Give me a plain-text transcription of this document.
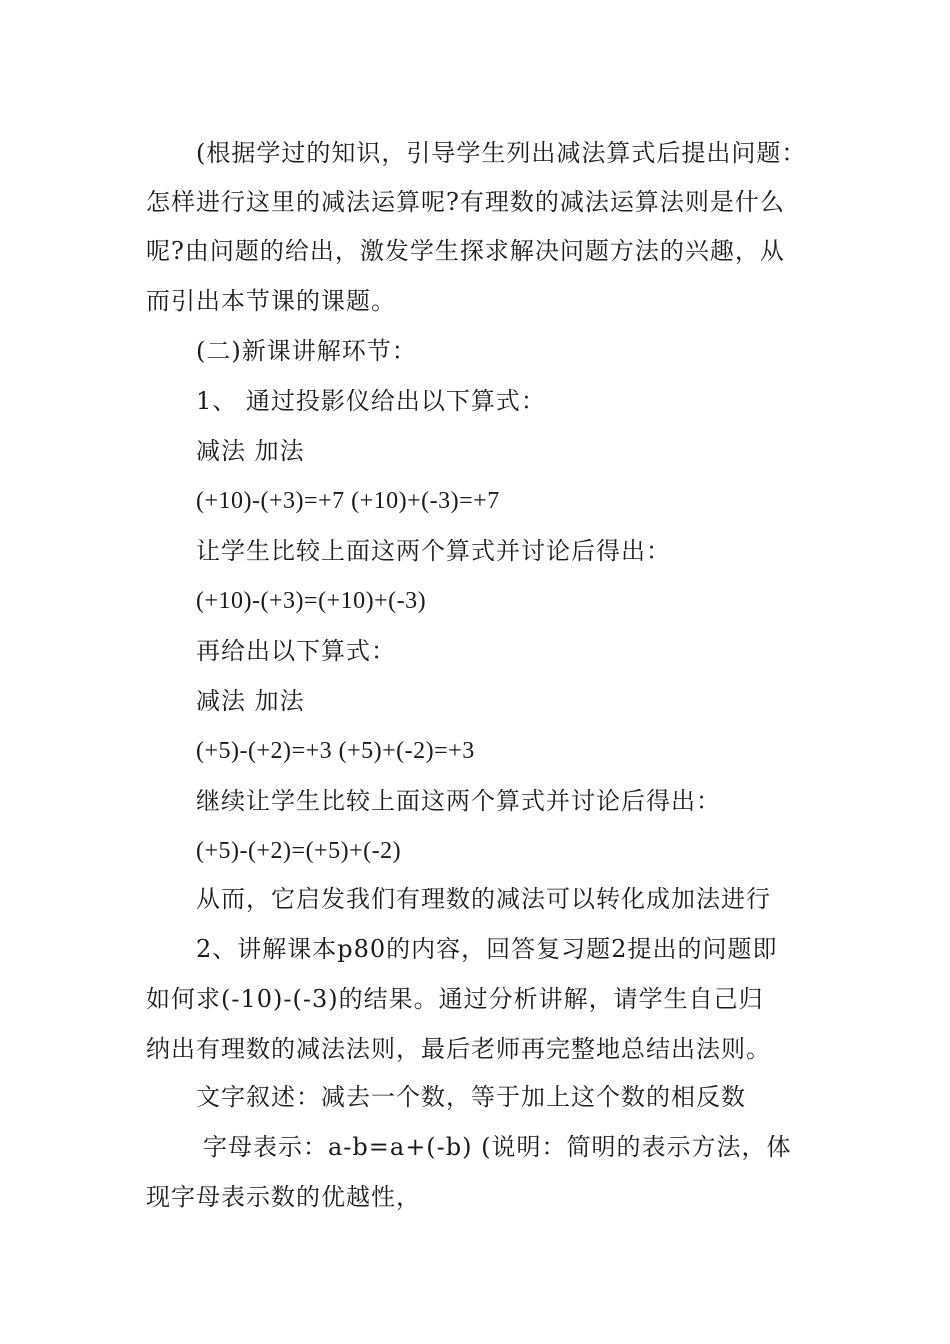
(根据学过的知识，引导学生列出减法算式后提出问题：
怎样进行这里的减法运算呢?有理数的减法运算法则是什么
呢?由问题的给出，激发学生探求解决问题方法的兴趣，从
而引出本节课的课题。
(二)新课讲解环节：
1、 通过投影仪给出以下算式：
减法 加法
(+10)-(+3)=+7 (+10)+(-3)=+7
让学生比较上面这两个算式并讨论后得出：
(+10)-(+3)=(+10)+(-3)
再给出以下算式：
减法 加法
(+5)-(+2)=+3 (+5)+(-2)=+3
继续让学生比较上面这两个算式并讨论后得出：
(+5)-(+2)=(+5)+(-2)
从而，它启发我们有理数的减法可以转化成加法进行
2、讲解课本p80的内容，回答复习题2提出的问题即
如何求(-10)-(-3)的结果。通过分析讲解，请学生自己归
纳出有理数的减法法则，最后老师再完整地总结出法则。
文字叙述：减去一个数，等于加上这个数的相反数
字母表示：a-b=a+(-b) (说明：简明的表示方法，体
现字母表示数的优越性，
